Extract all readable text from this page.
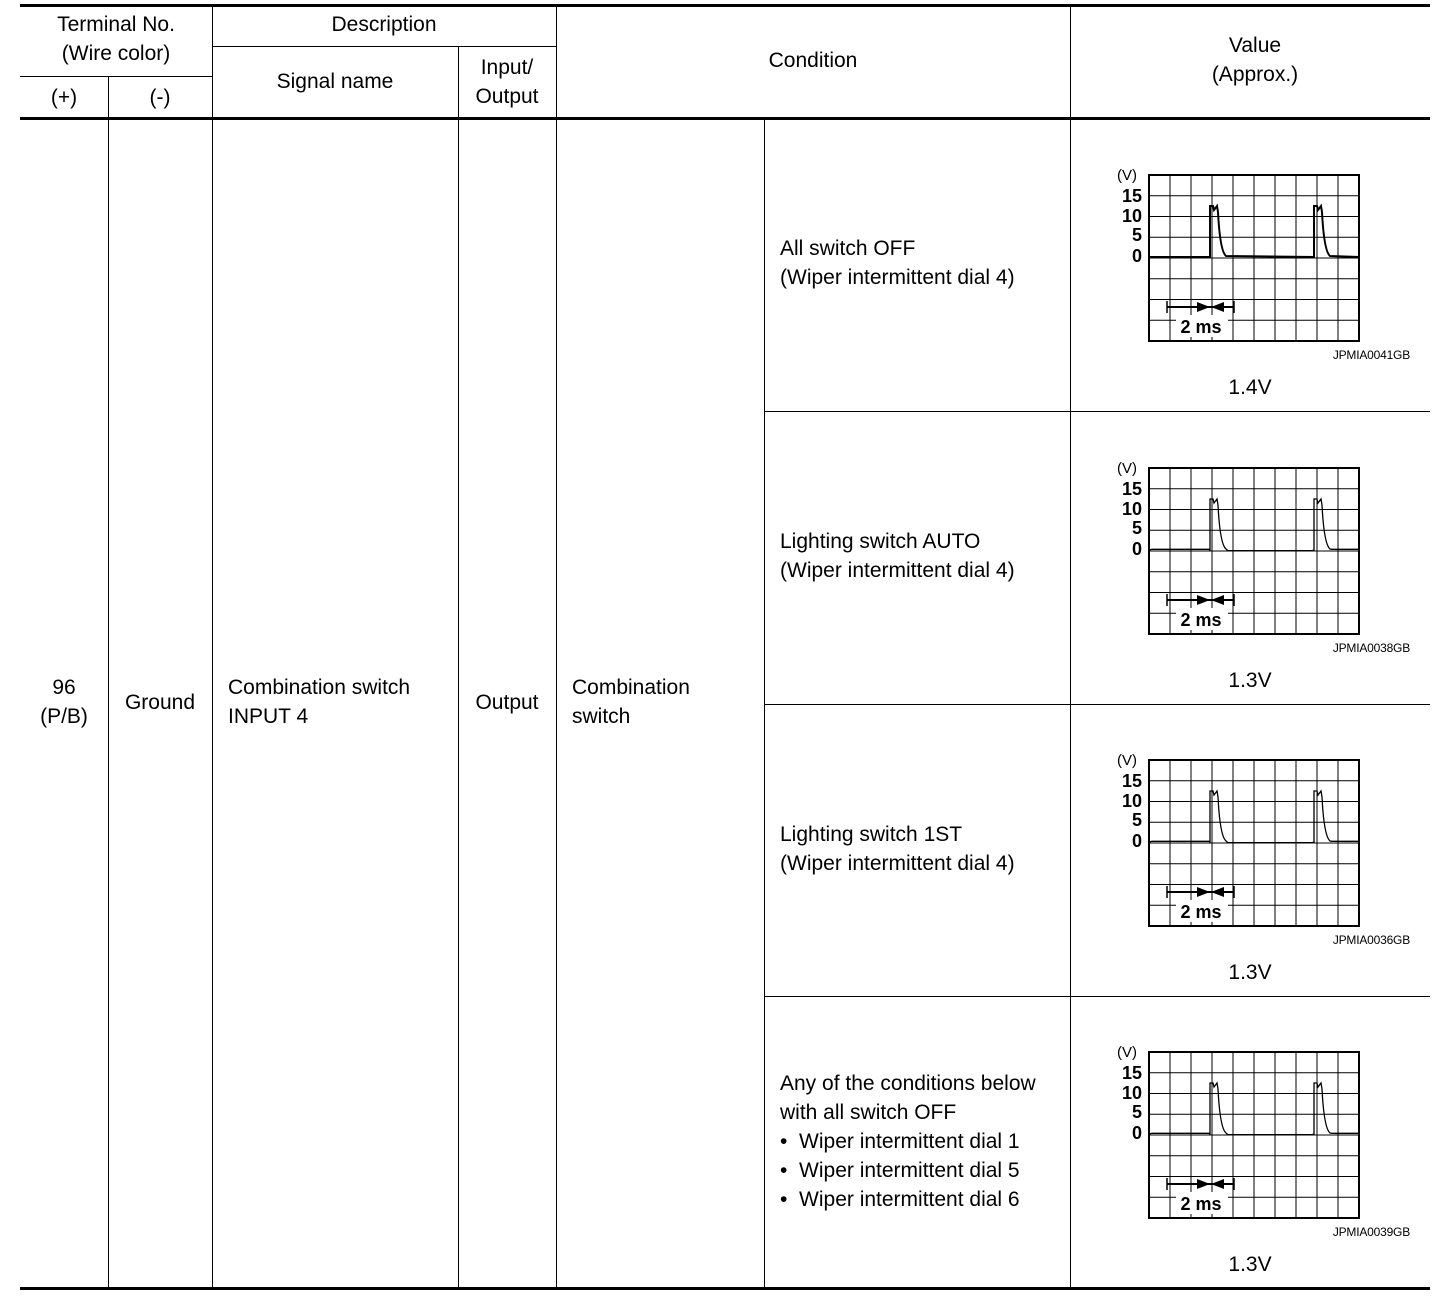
Terminal No.
(Wire color)
(+)	(-)
Description
Signal name
Input/
Output
Condition
Value
(Approx.)
96
(P/B)
Ground
Combination switch
INPUT 4
Output
Combination
switch
All switch OFF
(Wiper intermittent dial 4)
(V)
15
10
5
0
2 ms
JPMIA0041GB
1.4V
Lighting switch AUTO
(Wiper intermittent dial 4)
(V)
15
10
5
0
2 ms
JPMIA0038GB
1.3V
Lighting switch 1ST
(Wiper intermittent dial 4)
(V)
15
10
5
0
2 ms
JPMIA0036GB
1.3V
Any of the conditions below
with all switch OFF
•  Wiper intermittent dial 1
•  Wiper intermittent dial 5
•  Wiper intermittent dial 6
(V)
15
10
5
0
2 ms
JPMIA0039GB
1.3V
